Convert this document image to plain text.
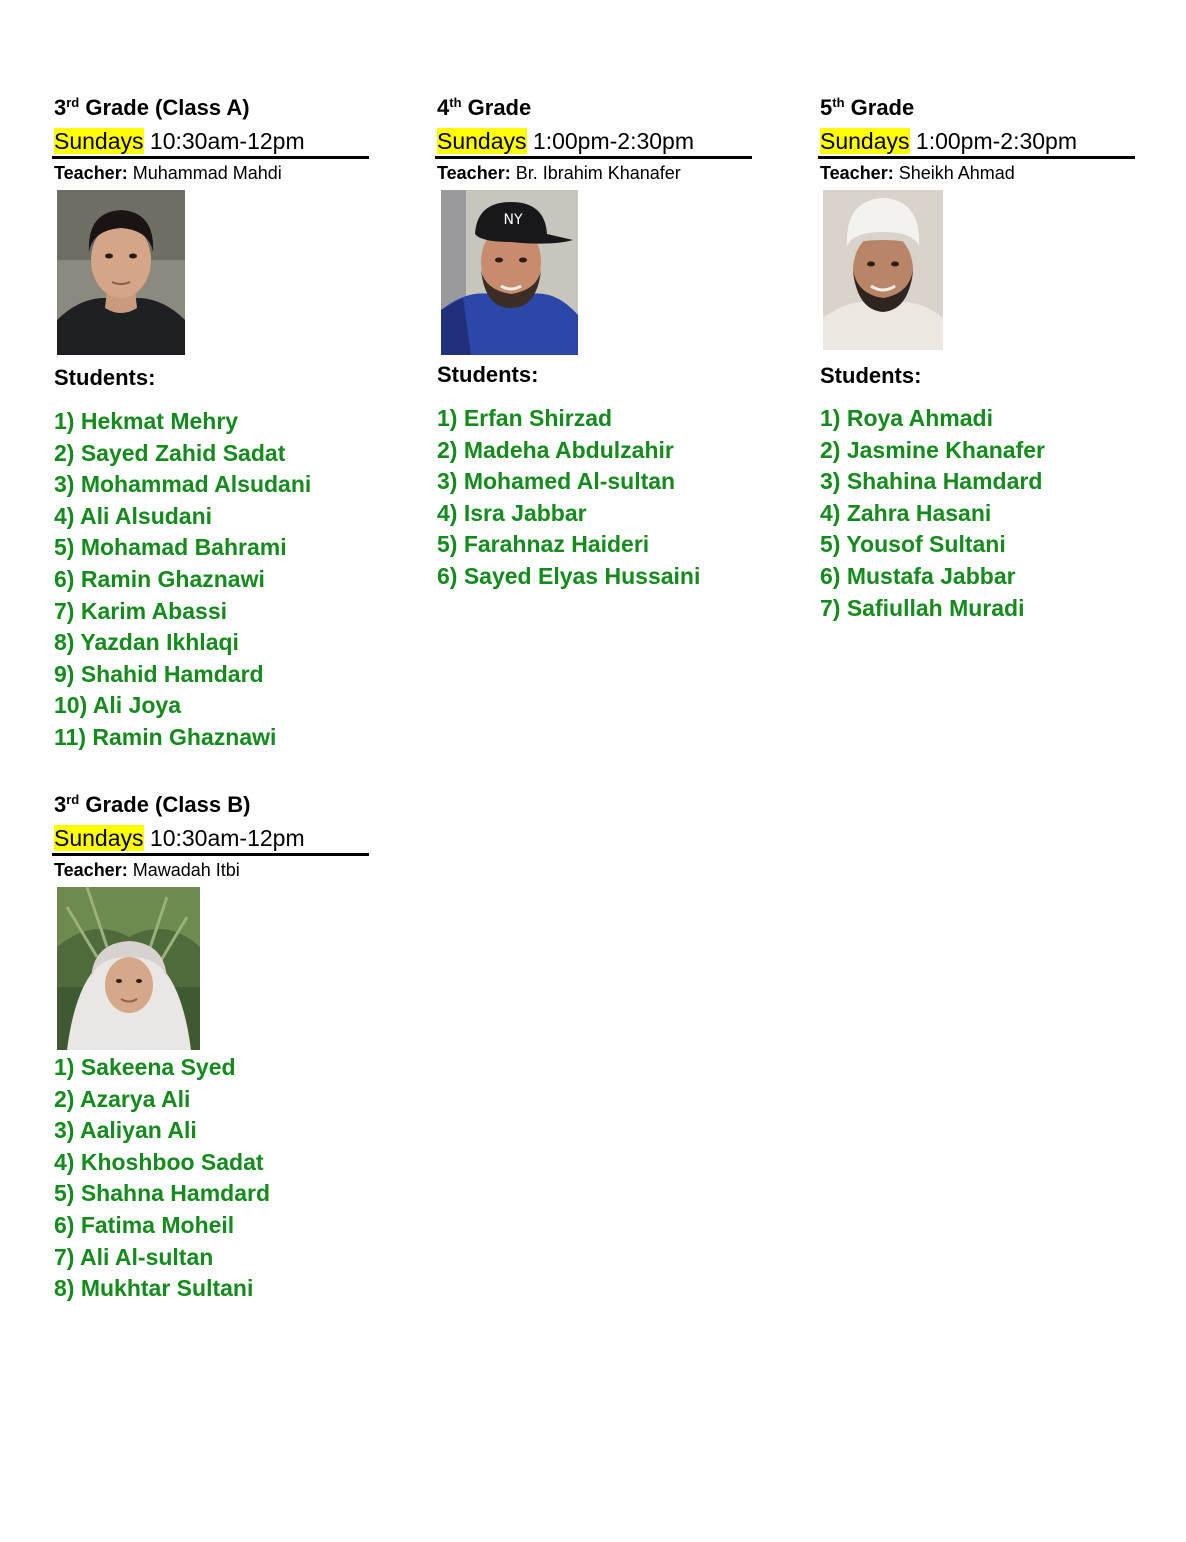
3rd Grade (Class A)
Sundays 10:30am-12pm
Teacher: Muhammad Mahdi
Students:
1) Hekmat Mehry
2) Sayed Zahid Sadat
3) Mohammad Alsudani
4) Ali Alsudani
5) Mohamad Bahrami
6) Ramin Ghaznawi
7) Karim Abassi
8) Yazdan Ikhlaqi
9) Shahid Hamdard
10) Ali Joya
11) Ramin Ghaznawi
4th Grade
Sundays 1:00pm-2:30pm
Teacher: Br. Ibrahim Khanafer
NY
Students:
1) Erfan Shirzad
2) Madeha Abdulzahir
3) Mohamed Al-sultan
4) Isra Jabbar
5) Farahnaz Haideri
6) Sayed Elyas Hussaini
5th Grade
Sundays 1:00pm-2:30pm
Teacher: Sheikh Ahmad
Students:
1) Roya Ahmadi
2) Jasmine Khanafer
3) Shahina Hamdard
4) Zahra Hasani
5) Yousof Sultani
6) Mustafa Jabbar
7) Safiullah Muradi
3rd Grade (Class B)
Sundays 10:30am-12pm
Teacher: Mawadah Itbi
1) Sakeena Syed
2) Azarya Ali
3) Aaliyan Ali
4) Khoshboo Sadat
5) Shahna Hamdard
6) Fatima Moheil
7) Ali Al-sultan
8) Mukhtar Sultani
